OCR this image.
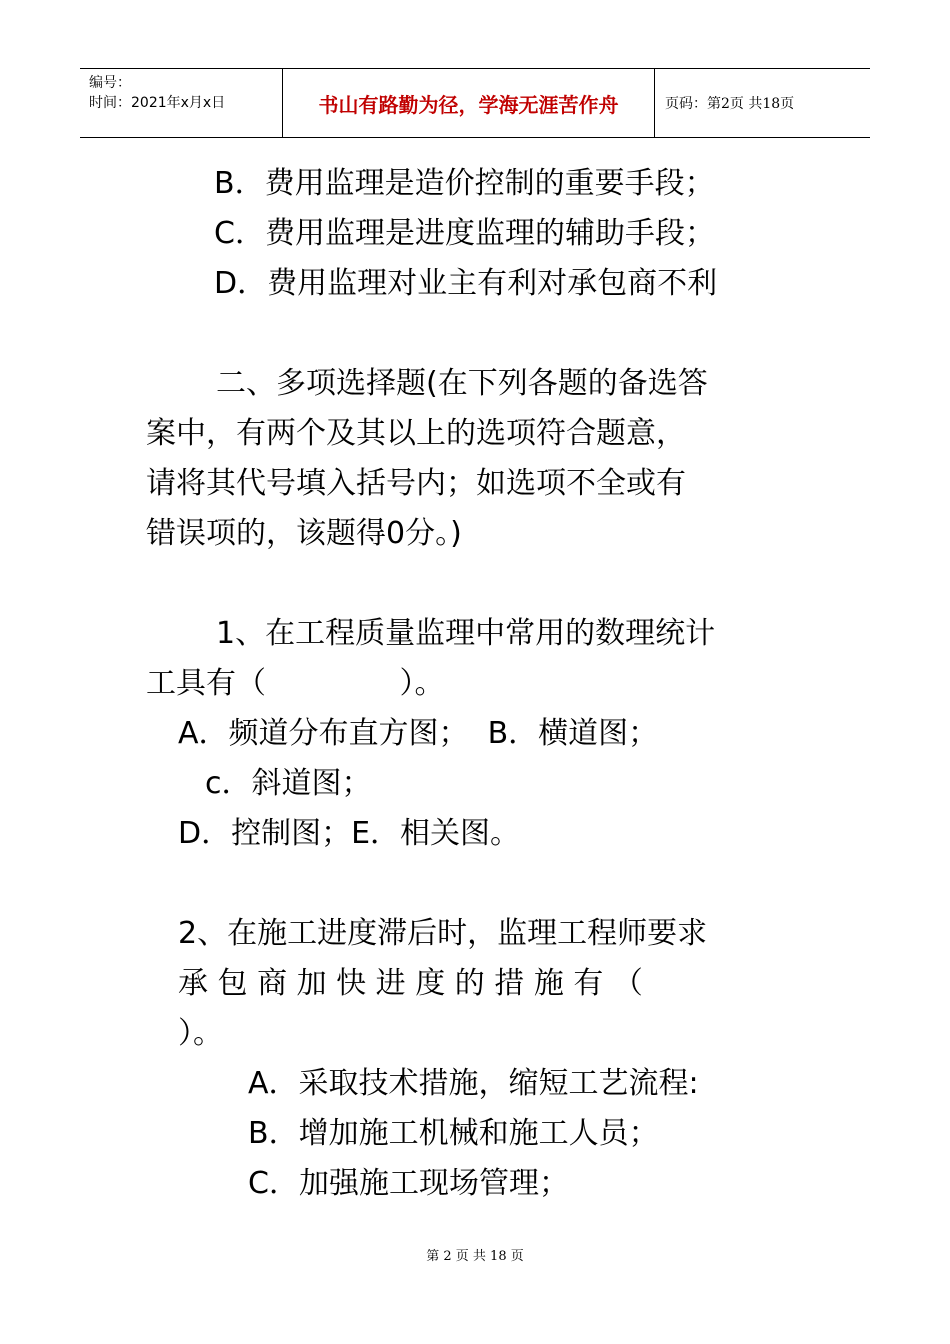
编号：
时间：2021年x月x日	书山有路勤为径，学海无涯苦作舟	页码：第2页 共18页
B．费用监理是造价控制的重要手段；
C．费用监理是进度监理的辅助手段；
D．费用监理对业主有利对承包商不利
二、多项选择题(在下列各题的备选答
案中，有两个及其以上的选项符合题意，
请将其代号填入括号内；如选项不全或有
错误项的，该题得0分。)
1、在工程质量监理中常用的数理统计
工具有（              ）。
A．频道分布直方图；  B．横道图；
c．斜道图；
D．控制图；E．相关图。
2、在施工进度滞后时，监理工程师要求
承 包 商 加 快 进 度 的 措 施 有 （
）。
A．采取技术措施，缩短工艺流程:
B．增加施工机械和施工人员；
C．加强施工现场管理；
第 2 页 共 18 页
